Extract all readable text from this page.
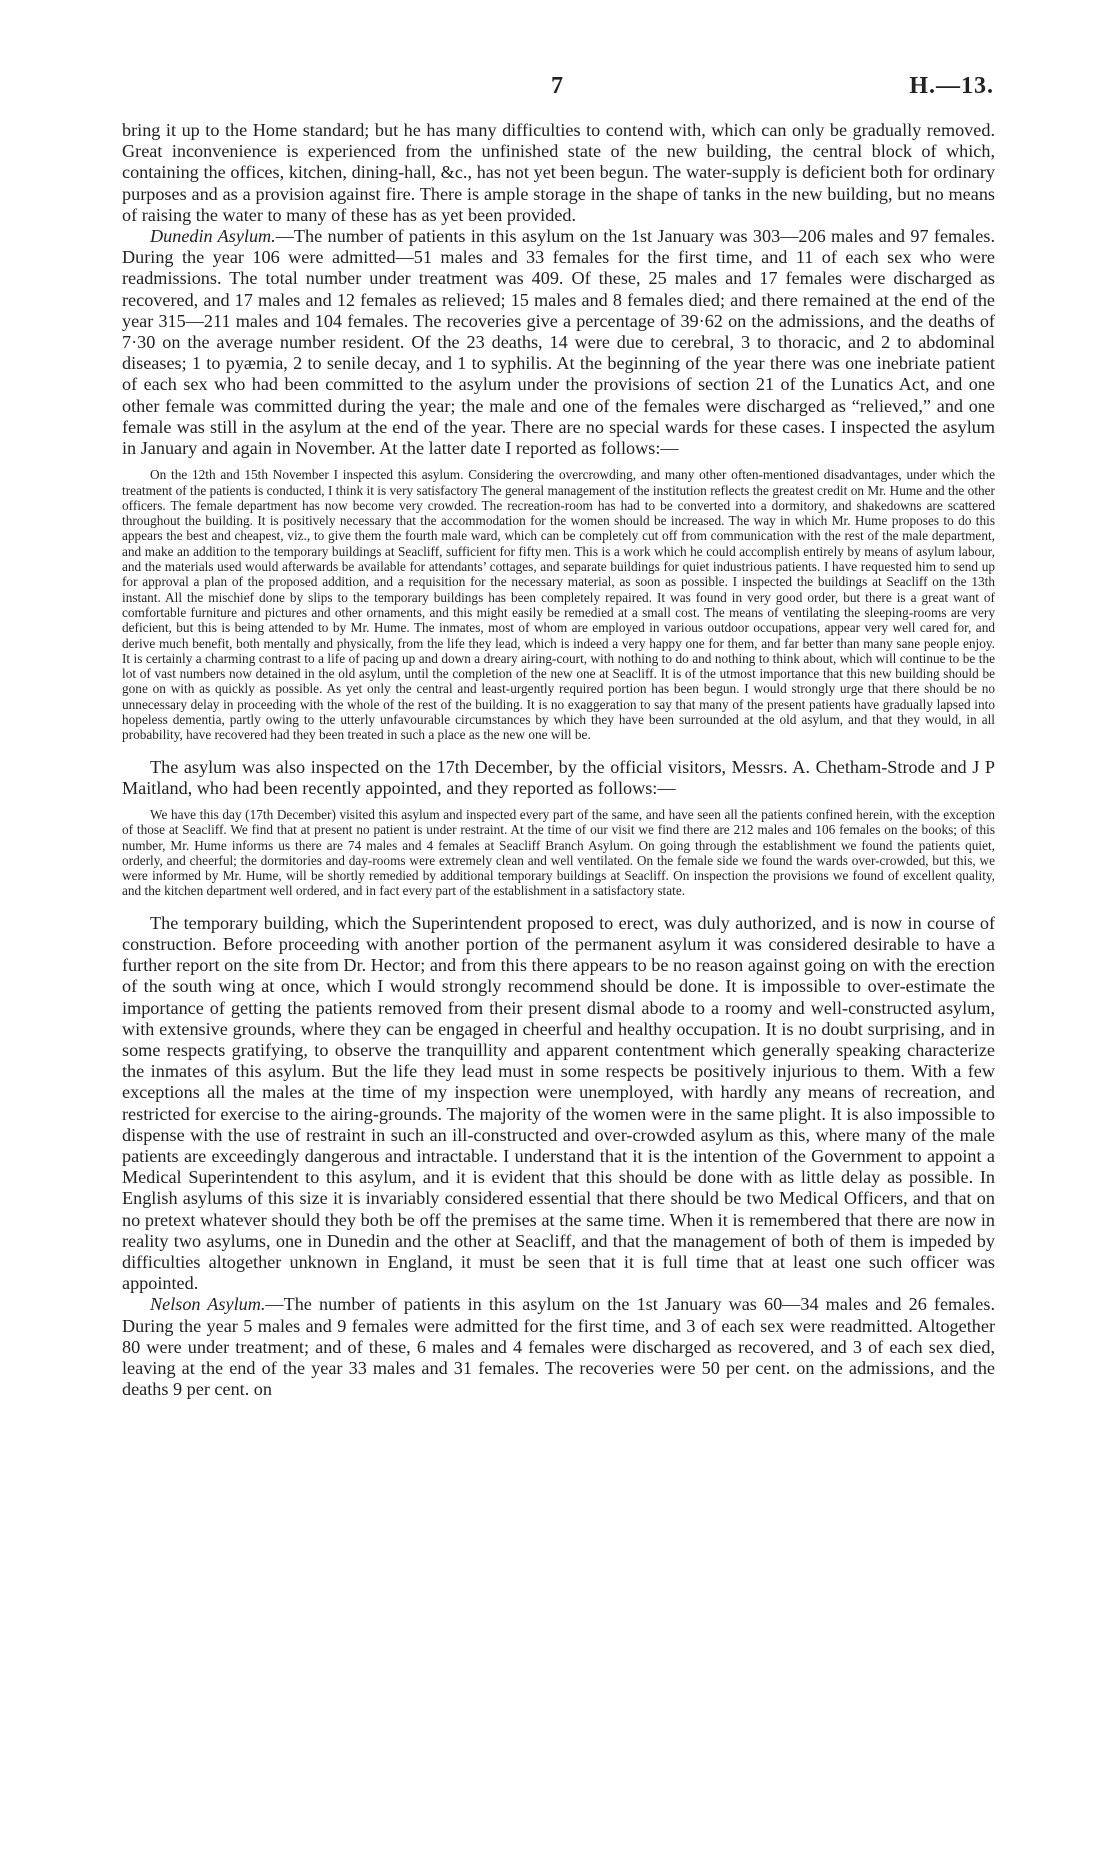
7	H.—13.

bring it up to the Home standard; but he has many difficulties to contend with, which can only be gradually removed. Great inconvenience is experienced from the unfinished state of the new building, the central block of which, containing the offices, kitchen, dining-hall, &c., has not yet been begun. The water-supply is deficient both for ordinary purposes and as a provision against fire. There is ample storage in the shape of tanks in the new building, but no means of raising the water to many of these has as yet been provided.

Dunedin Asylum.—The number of patients in this asylum on the 1st January was 303—206 males and 97 females. During the year 106 were admitted—51 males and 33 females for the first time, and 11 of each sex who were readmissions. The total number under treatment was 409. Of these, 25 males and 17 females were discharged as recovered, and 17 males and 12 females as relieved; 15 males and 8 females died; and there remained at the end of the year 315—211 males and 104 females. The recoveries give a percentage of 39·62 on the admissions, and the deaths of 7·30 on the average number resident. Of the 23 deaths, 14 were due to cerebral, 3 to thoracic, and 2 to abdominal diseases; 1 to pyæmia, 2 to senile decay, and 1 to syphilis. At the beginning of the year there was one inebriate patient of each sex who had been committed to the asylum under the provisions of section 21 of the Lunatics Act, and one other female was committed during the year; the male and one of the females were discharged as “relieved,” and one female was still in the asylum at the end of the year. There are no special wards for these cases. I inspected the asylum in January and again in November. At the latter date I reported as follows:—

On the 12th and 15th November I inspected this asylum. Considering the overcrowding, and many other often-mentioned disadvantages, under which the treatment of the patients is conducted, I think it is very satisfactory The general management of the institution reflects the greatest credit on Mr. Hume and the other officers. The female department has now become very crowded. The recreation-room has had to be converted into a dormitory, and shakedowns are scattered throughout the building. It is positively necessary that the accommodation for the women should be increased. The way in which Mr. Hume proposes to do this appears the best and cheapest, viz., to give them the fourth male ward, which can be completely cut off from communication with the rest of the male department, and make an addition to the temporary buildings at Seacliff, sufficient for fifty men. This is a work which he could accomplish entirely by means of asylum labour, and the materials used would afterwards be available for attendants’ cottages, and separate buildings for quiet industrious patients. I have requested him to send up for approval a plan of the proposed addition, and a requisition for the necessary material, as soon as possible. I inspected the buildings at Seacliff on the 13th instant. All the mischief done by slips to the temporary buildings has been completely repaired. It was found in very good order, but there is a great want of comfortable furniture and pictures and other ornaments, and this might easily be remedied at a small cost. The means of ventilating the sleeping-rooms are very deficient, but this is being attended to by Mr. Hume. The inmates, most of whom are employed in various outdoor occupations, appear very well cared for, and derive much benefit, both mentally and physically, from the life they lead, which is indeed a very happy one for them, and far better than many sane people enjoy. It is certainly a charming contrast to a life of pacing up and down a dreary airing-court, with nothing to do and nothing to think about, which will continue to be the lot of vast numbers now detained in the old asylum, until the completion of the new one at Seacliff. It is of the utmost importance that this new building should be gone on with as quickly as possible. As yet only the central and least-urgently required portion has been begun. I would strongly urge that there should be no unnecessary delay in proceeding with the whole of the rest of the building. It is no exaggeration to say that many of the present patients have gradually lapsed into hopeless dementia, partly owing to the utterly unfavourable circumstances by which they have been surrounded at the old asylum, and that they would, in all probability, have recovered had they been treated in such a place as the new one will be.

The asylum was also inspected on the 17th December, by the official visitors, Messrs. A. Chetham-Strode and J P Maitland, who had been recently appointed, and they reported as follows:—

We have this day (17th December) visited this asylum and inspected every part of the same, and have seen all the patients confined herein, with the exception of those at Seacliff. We find that at present no patient is under restraint. At the time of our visit we find there are 212 males and 106 females on the books; of this number, Mr. Hume informs us there are 74 males and 4 females at Seacliff Branch Asylum. On going through the establishment we found the patients quiet, orderly, and cheerful; the dormitories and day-rooms were extremely clean and well ventilated. On the female side we found the wards over-crowded, but this, we were informed by Mr. Hume, will be shortly remedied by additional temporary buildings at Seacliff. On inspection the provisions we found of excellent quality, and the kitchen department well ordered, and in fact every part of the establishment in a satisfactory state.

The temporary building, which the Superintendent proposed to erect, was duly authorized, and is now in course of construction. Before proceeding with another portion of the permanent asylum it was considered desirable to have a further report on the site from Dr. Hector; and from this there appears to be no reason against going on with the erection of the south wing at once, which I would strongly recommend should be done. It is impossible to over-estimate the importance of getting the patients removed from their present dismal abode to a roomy and well-constructed asylum, with extensive grounds, where they can be engaged in cheerful and healthy occupation. It is no doubt surprising, and in some respects gratifying, to observe the tranquillity and apparent contentment which generally speaking characterize the inmates of this asylum. But the life they lead must in some respects be positively injurious to them. With a few exceptions all the males at the time of my inspection were unemployed, with hardly any means of recreation, and restricted for exercise to the airing-grounds. The majority of the women were in the same plight. It is also impossible to dispense with the use of restraint in such an ill-constructed and over-crowded asylum as this, where many of the male patients are exceedingly dangerous and intractable. I understand that it is the intention of the Government to appoint a Medical Superintendent to this asylum, and it is evident that this should be done with as little delay as possible. In English asylums of this size it is invariably considered essential that there should be two Medical Officers, and that on no pretext whatever should they both be off the premises at the same time. When it is remembered that there are now in reality two asylums, one in Dunedin and the other at Seacliff, and that the management of both of them is impeded by difficulties altogether unknown in England, it must be seen that it is full time that at least one such officer was appointed.

Nelson Asylum.—The number of patients in this asylum on the 1st January was 60—34 males and 26 females. During the year 5 males and 9 females were admitted for the first time, and 3 of each sex were readmitted. Altogether 80 were under treatment; and of these, 6 males and 4 females were discharged as recovered, and 3 of each sex died, leaving at the end of the year 33 males and 31 females. The recoveries were 50 per cent. on the admissions, and the deaths 9 per cent. on
